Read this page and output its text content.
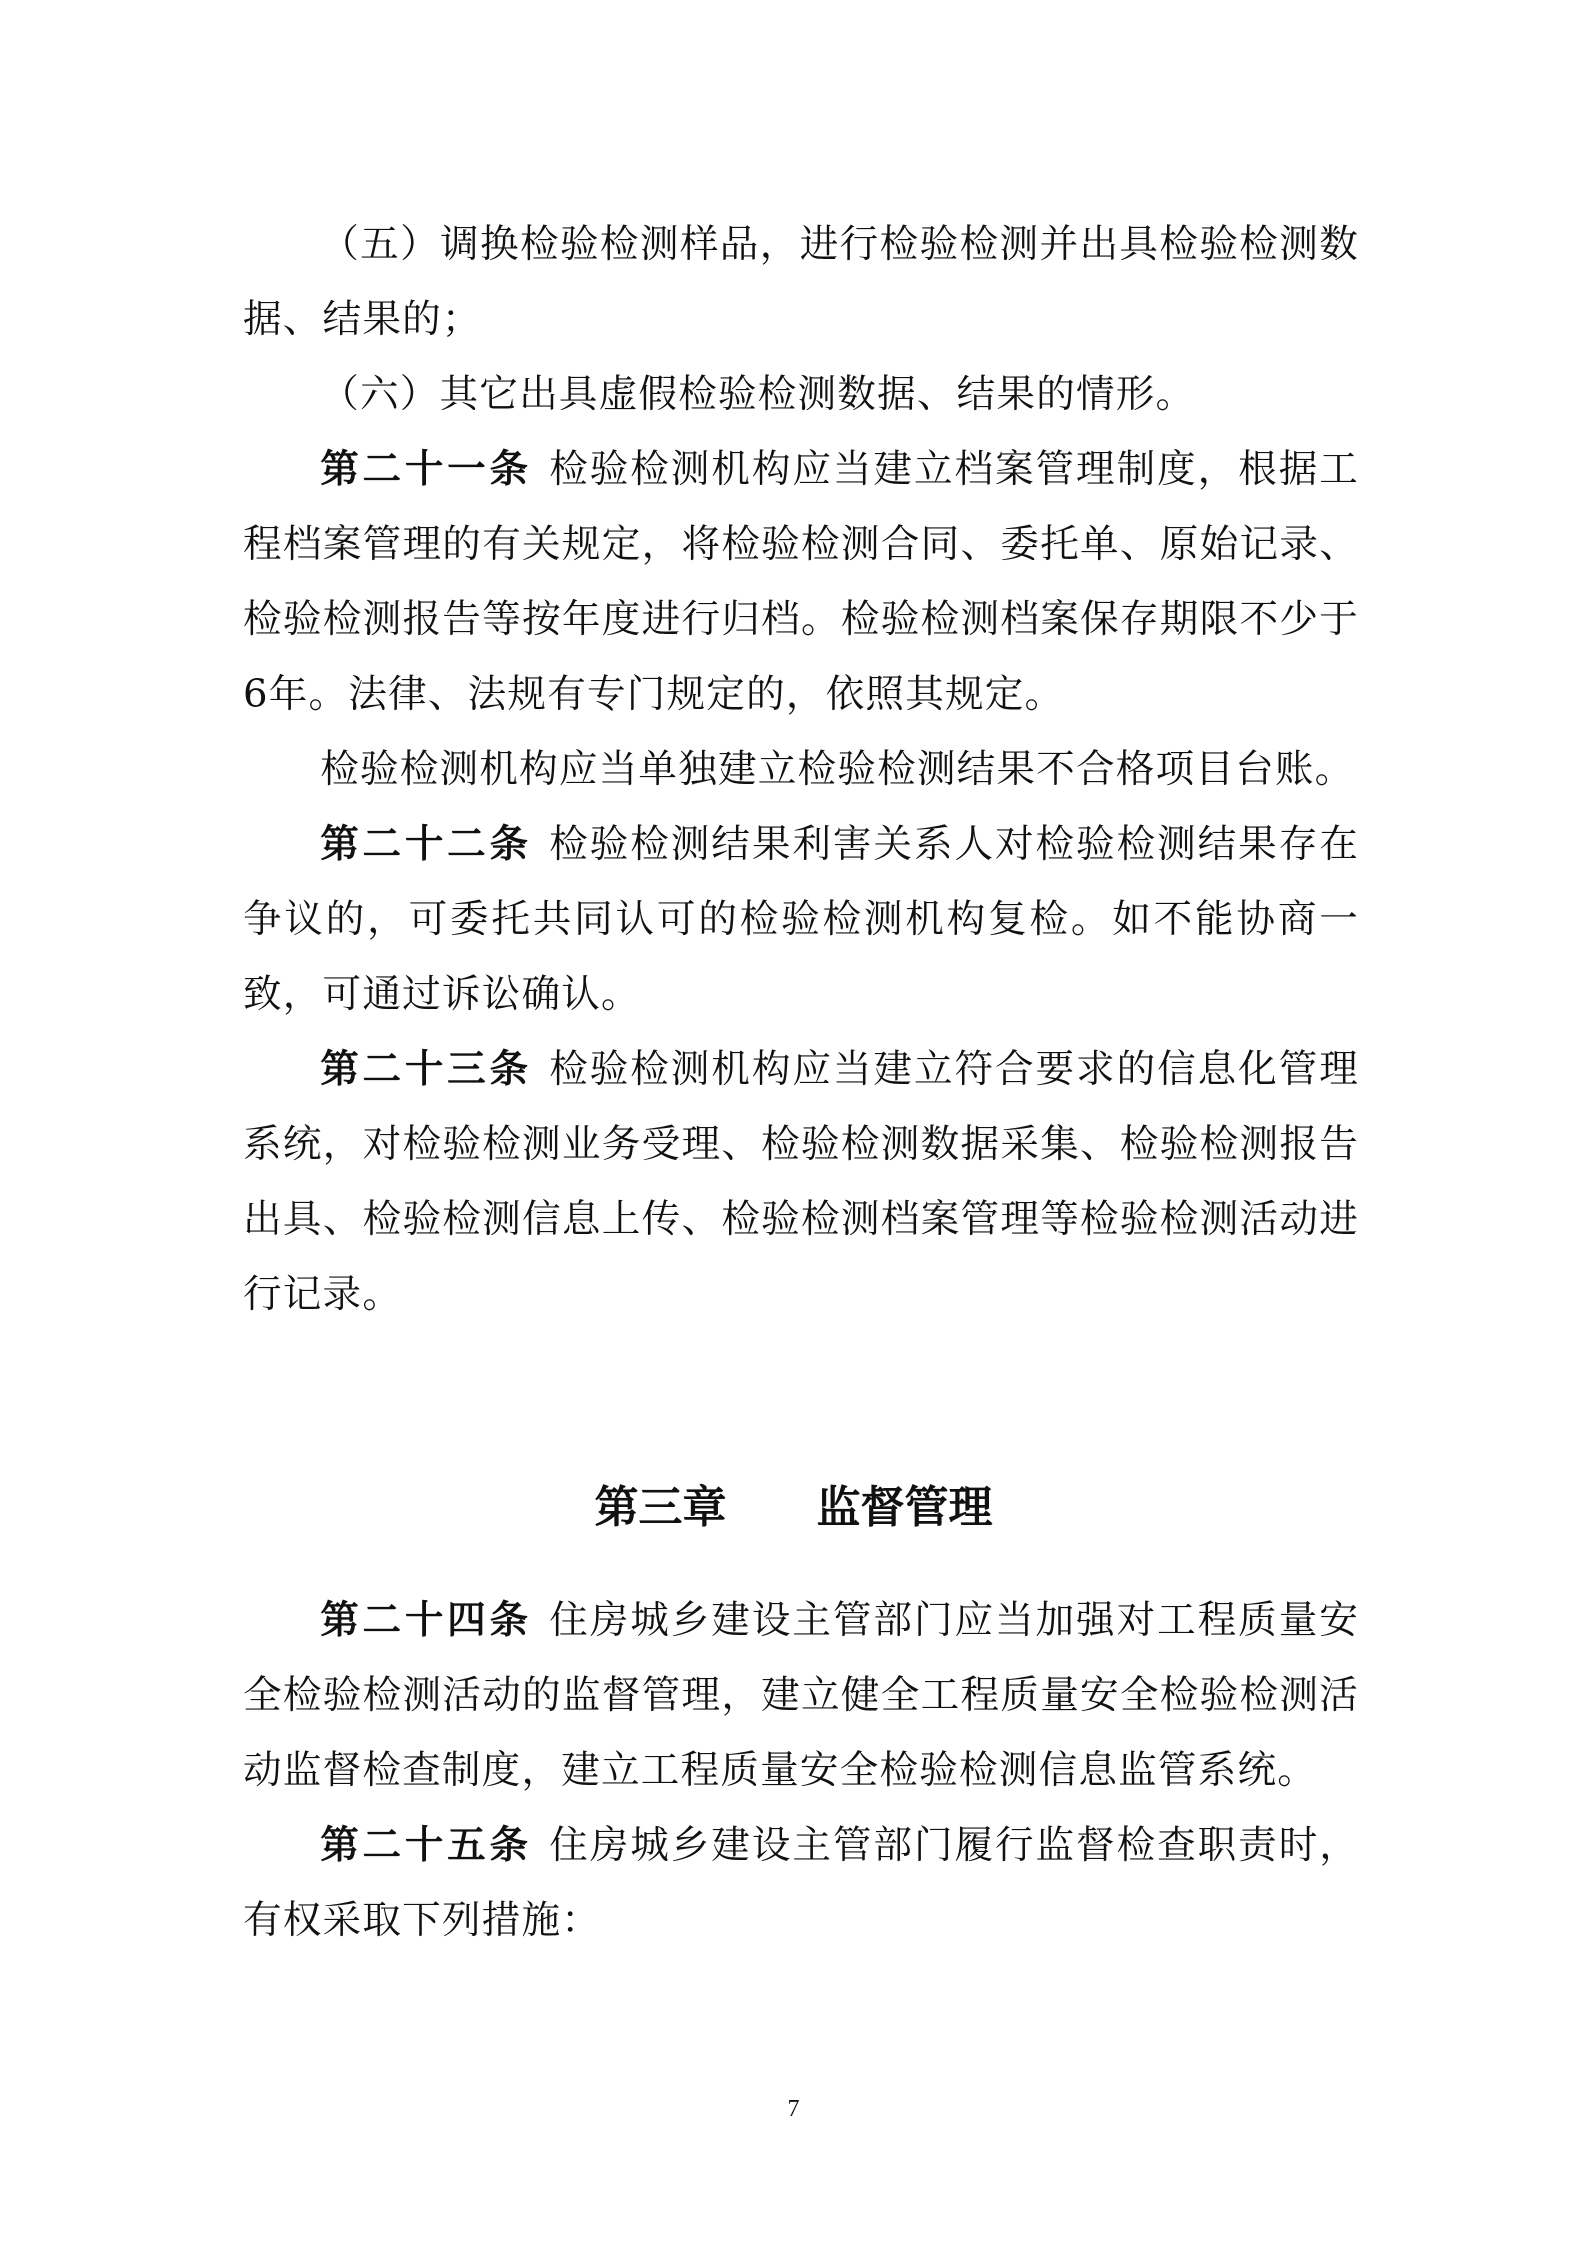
（五）调换检验检测样品，进行检验检测并出具检验检测数据、结果的；

（六）其它出具虚假检验检测数据、结果的情形。

第二十一条 检验检测机构应当建立档案管理制度，根据工程档案管理的有关规定，将检验检测合同、委托单、原始记录、检验检测报告等按年度进行归档。检验检测档案保存期限不少于6年。法律、法规有专门规定的，依照其规定。

检验检测机构应当单独建立检验检测结果不合格项目台账。

第二十二条 检验检测结果利害关系人对检验检测结果存在争议的，可委托共同认可的检验检测机构复检。如不能协商一致，可通过诉讼确认。

第二十三条 检验检测机构应当建立符合要求的信息化管理系统，对检验检测业务受理、检验检测数据采集、检验检测报告出具、检验检测信息上传、检验检测档案管理等检验检测活动进行记录。

第三章 监督管理

第二十四条 住房城乡建设主管部门应当加强对工程质量安全检验检测活动的监督管理，建立健全工程质量安全检验检测活动监督检查制度，建立工程质量安全检验检测信息监管系统。

第二十五条 住房城乡建设主管部门履行监督检查职责时，有权采取下列措施：

7
